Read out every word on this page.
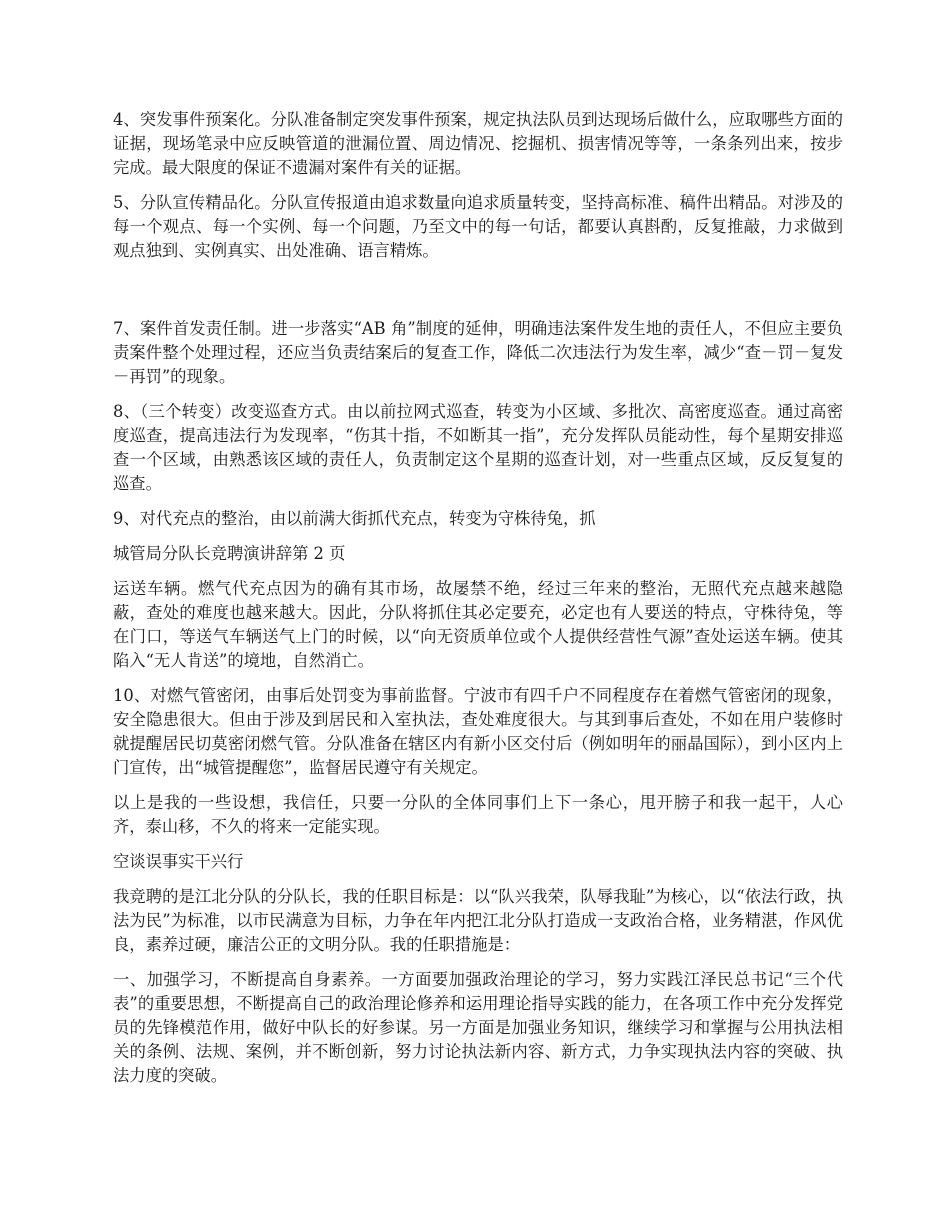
4、突发事件预案化。分队准备制定突发事件预案，规定执法队员到达现场后做什么，应取哪些方面的证据，现场笔录中应反映管道的泄漏位置、周边情况、挖掘机、损害情况等等，一条条列出来，按步完成。最大限度的保证不遗漏对案件有关的证据。

5、分队宣传精品化。分队宣传报道由追求数量向追求质量转变，坚持高标准、稿件出精品。对涉及的每一个观点、每一个实例、每一个问题，乃至文中的每一句话，都要认真斟酌，反复推敲，力求做到观点独到、实例真实、出处准确、语言精炼。

7、案件首发责任制。进一步落实“AB 角”制度的延伸，明确违法案件发生地的责任人，不但应主要负责案件整个处理过程，还应当负责结案后的复查工作，降低二次违法行为发生率，减少“查－罚－复发－再罚”的现象。

8、（三个转变）改变巡查方式。由以前拉网式巡查，转变为小区域、多批次、高密度巡查。通过高密度巡查，提高违法行为发现率，“伤其十指，不如断其一指”，充分发挥队员能动性，每个星期安排巡查一个区域，由熟悉该区域的责任人，负责制定这个星期的巡查计划，对一些重点区域，反反复复的巡查。

9、对代充点的整治，由以前满大街抓代充点，转变为守株待兔，抓

城管局分队长竞聘演讲辞第 2 页

运送车辆。燃气代充点因为的确有其市场，故屡禁不绝，经过三年来的整治，无照代充点越来越隐蔽，查处的难度也越来越大。因此，分队将抓住其必定要充，必定也有人要送的特点，守株待兔，等在门口，等送气车辆送气上门的时候，以“向无资质单位或个人提供经营性气源”查处运送车辆。使其陷入“无人肯送”的境地，自然消亡。

10、对燃气管密闭，由事后处罚变为事前监督。宁波市有四千户不同程度存在着燃气管密闭的现象，安全隐患很大。但由于涉及到居民和入室执法，查处难度很大。与其到事后查处，不如在用户装修时就提醒居民切莫密闭燃气管。分队准备在辖区内有新小区交付后（例如明年的丽晶国际），到小区内上门宣传，出“城管提醒您”，监督居民遵守有关规定。

以上是我的一些设想，我信任，只要一分队的全体同事们上下一条心，甩开膀子和我一起干，人心齐，泰山移，不久的将来一定能实现。

空谈误事实干兴行

我竞聘的是江北分队的分队长，我的任职目标是：以“队兴我荣，队辱我耻”为核心，以“依法行政，执法为民”为标准，以市民满意为目标，力争在年内把江北分队打造成一支政治合格，业务精湛，作风优良，素养过硬，廉洁公正的文明分队。我的任职措施是：

一、加强学习，不断提高自身素养。一方面要加强政治理论的学习，努力实践江泽民总书记“三个代表”的重要思想，不断提高自己的政治理论修养和运用理论指导实践的能力，在各项工作中充分发挥党员的先锋模范作用，做好中队长的好参谋。另一方面是加强业务知识，继续学习和掌握与公用执法相关的条例、法规、案例，并不断创新，努力讨论执法新内容、新方式，力争实现执法内容的突破、执法力度的突破。
